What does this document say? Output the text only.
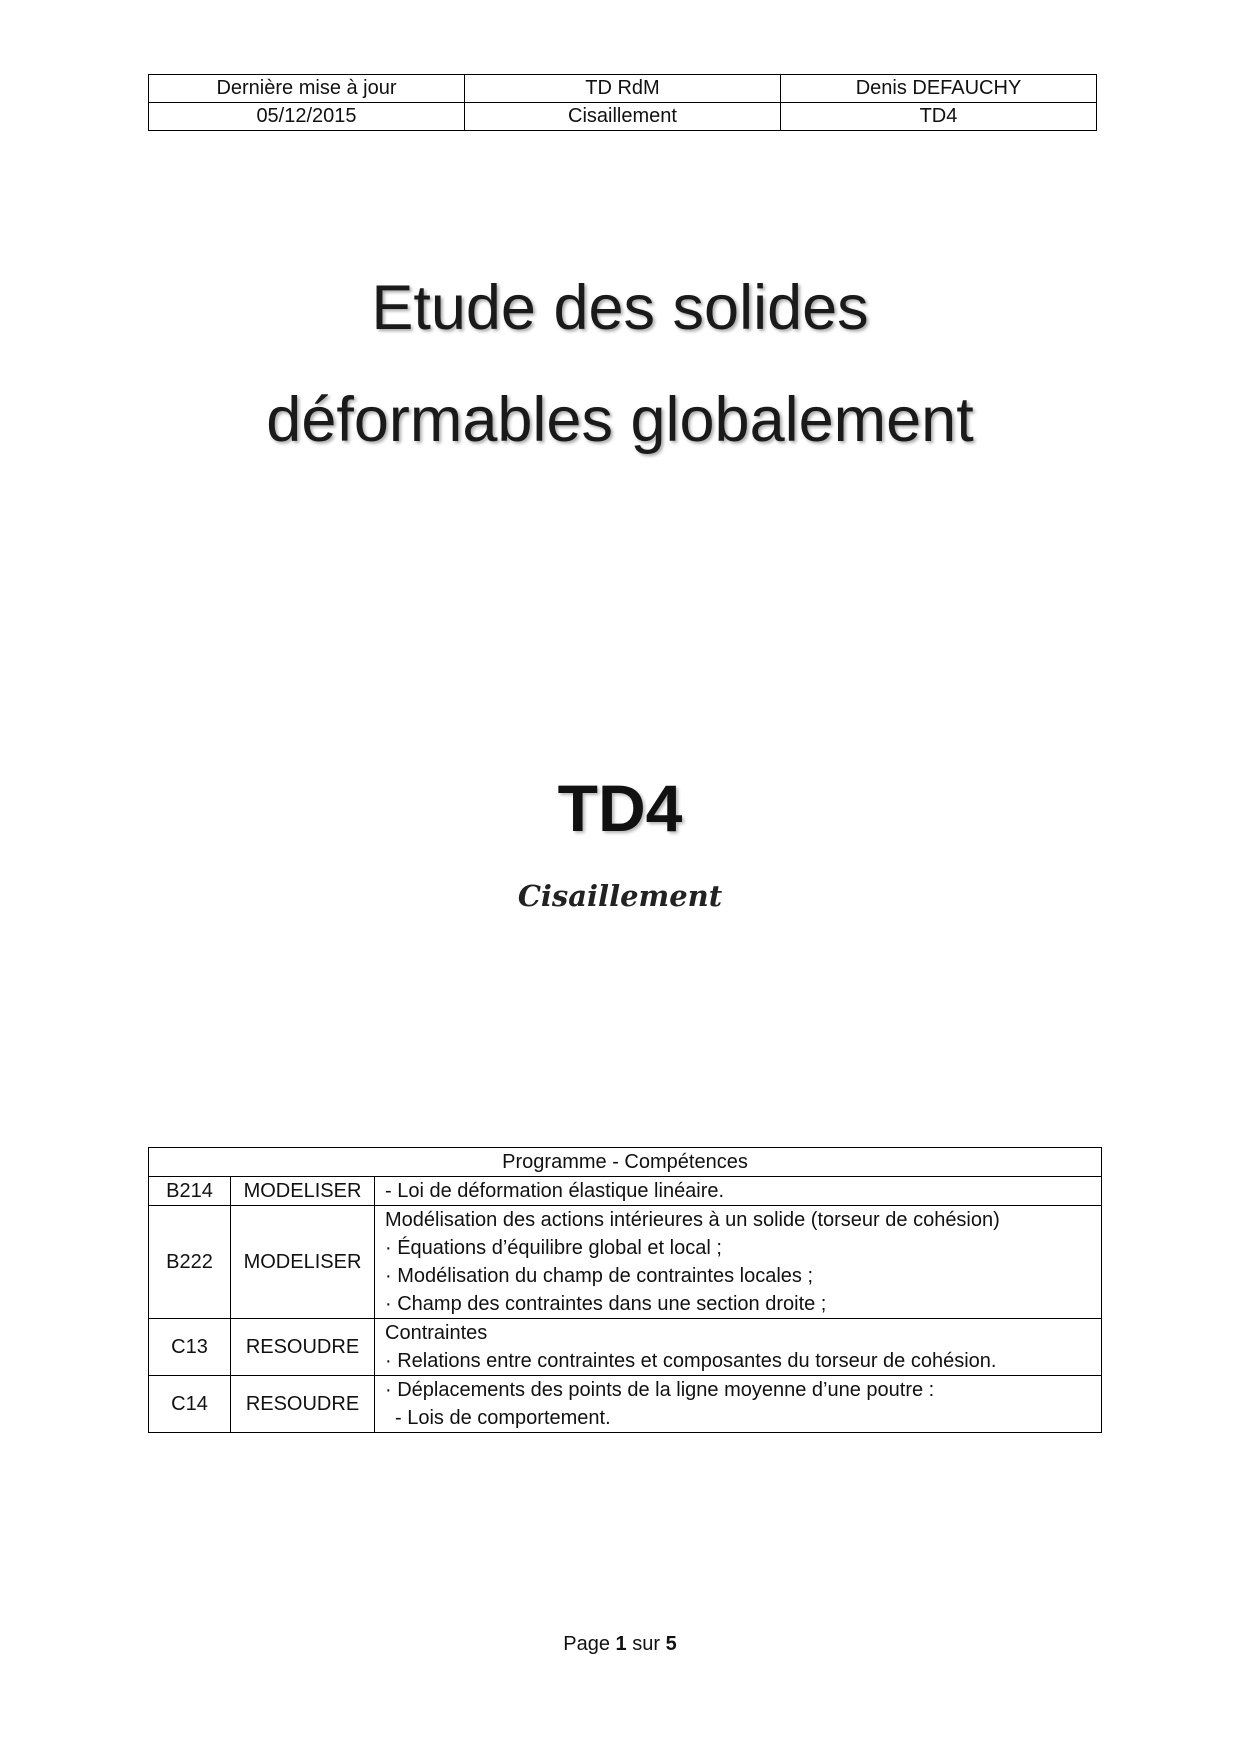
Dernière mise à jour	TD RdM	Denis DEFAUCHY
05/12/2015	Cisaillement	TD4
Etude des solides
déformables globalement
TD4
Cisaillement
Programme - Compétences		
B214	MODELISER	- Loi de déformation élastique linéaire.

B222	MODELISER	Modélisation des actions intérieures à un solide (torseur de cohésion)
· Équations d’équilibre global et local ;
· Modélisation du champ de contraintes locales ;
· Champ des contraintes dans une section droite ;

C13	RESOUDRE	Contraintes
· Relations entre contraintes et composantes du torseur de cohésion.

C14	RESOUDRE	· Déplacements des points de la ligne moyenne d’une poutre :
- Lois de comportement.
Page 1 sur 5
